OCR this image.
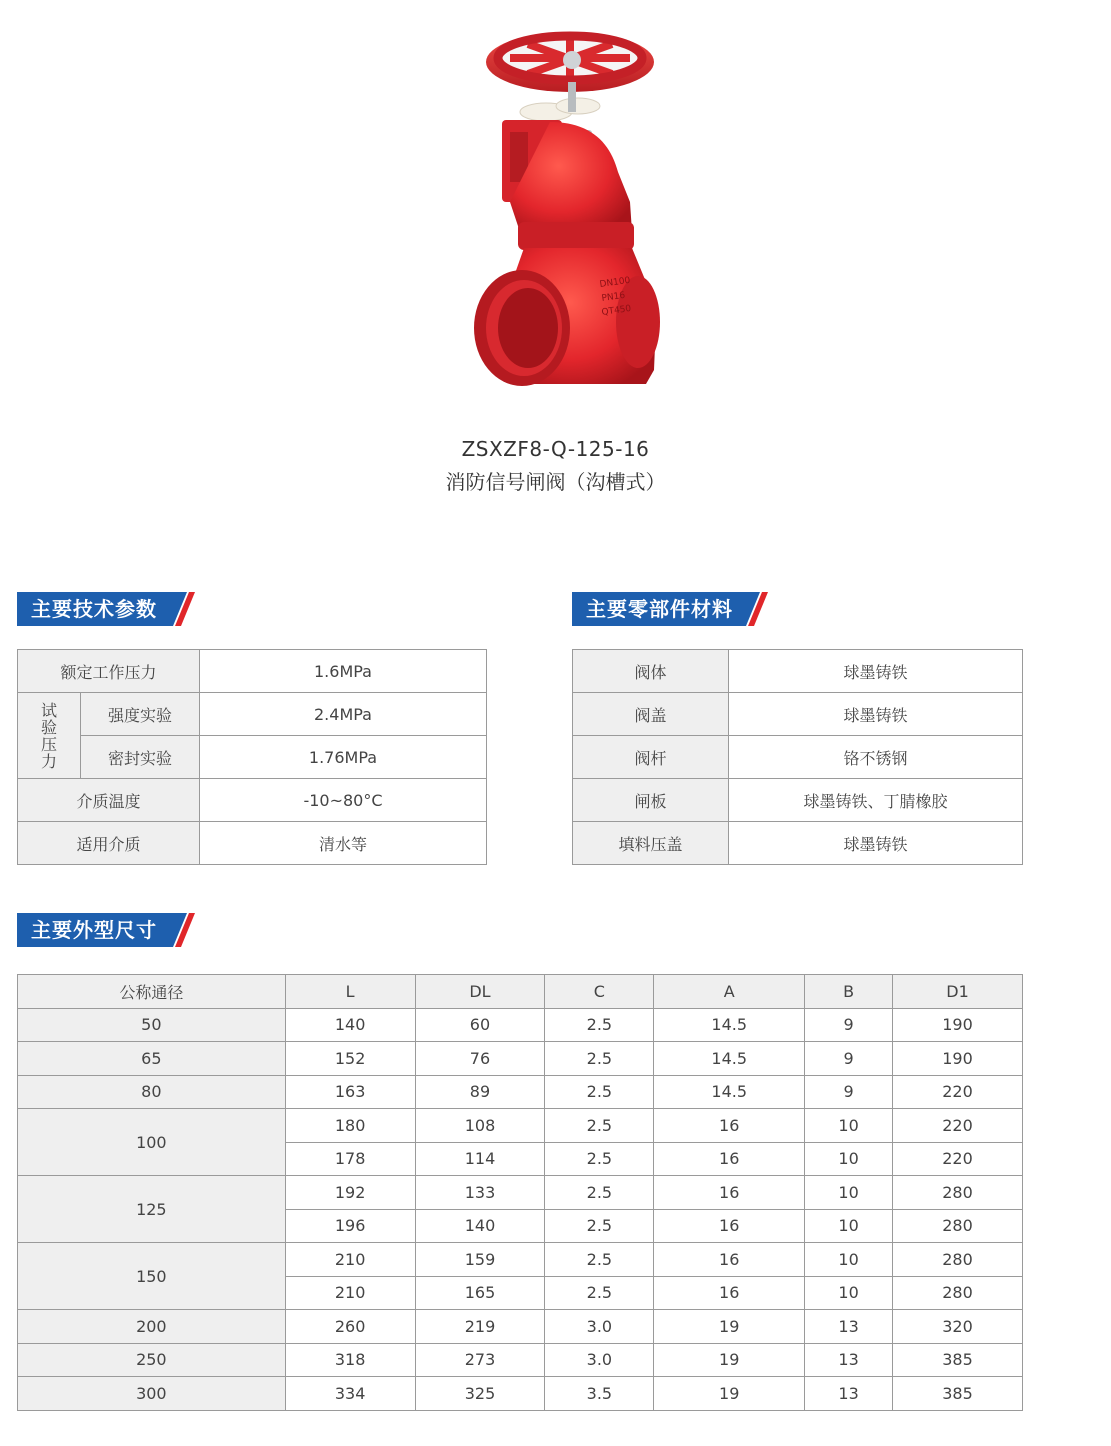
DN100
PN16
QT450
ZSXZF8-Q-125-16
消防信号闸阀（沟槽式）
主要技术参数	主要零部件材料
主要外型尺寸
额定工作压力		1.6MPa
试验压力	强度实验	2.4MPa
	密封实验	1.76MPa
介质温度		-10~80°C
适用介质		清水等
阀体	球墨铸铁
阀盖	球墨铸铁
阀杆	铬不锈钢
闸板	球墨铸铁、丁腈橡胶
填料压盖	球墨铸铁
公称通径	L	DL	C	A	B	D1
50	140	60	2.5	14.5	9	190
65	152	76	2.5	14.5	9	190
80	163	89	2.5	14.5	9	220
100	180	108	2.5	16	10	220
	178	114	2.5	16	10	220
125	192	133	2.5	16	10	280
	196	140	2.5	16	10	280
150	210	159	2.5	16	10	280
	210	165	2.5	16	10	280
200	260	219	3.0	19	13	320
250	318	273	3.0	19	13	385
300	334	325	3.5	19	13	385
